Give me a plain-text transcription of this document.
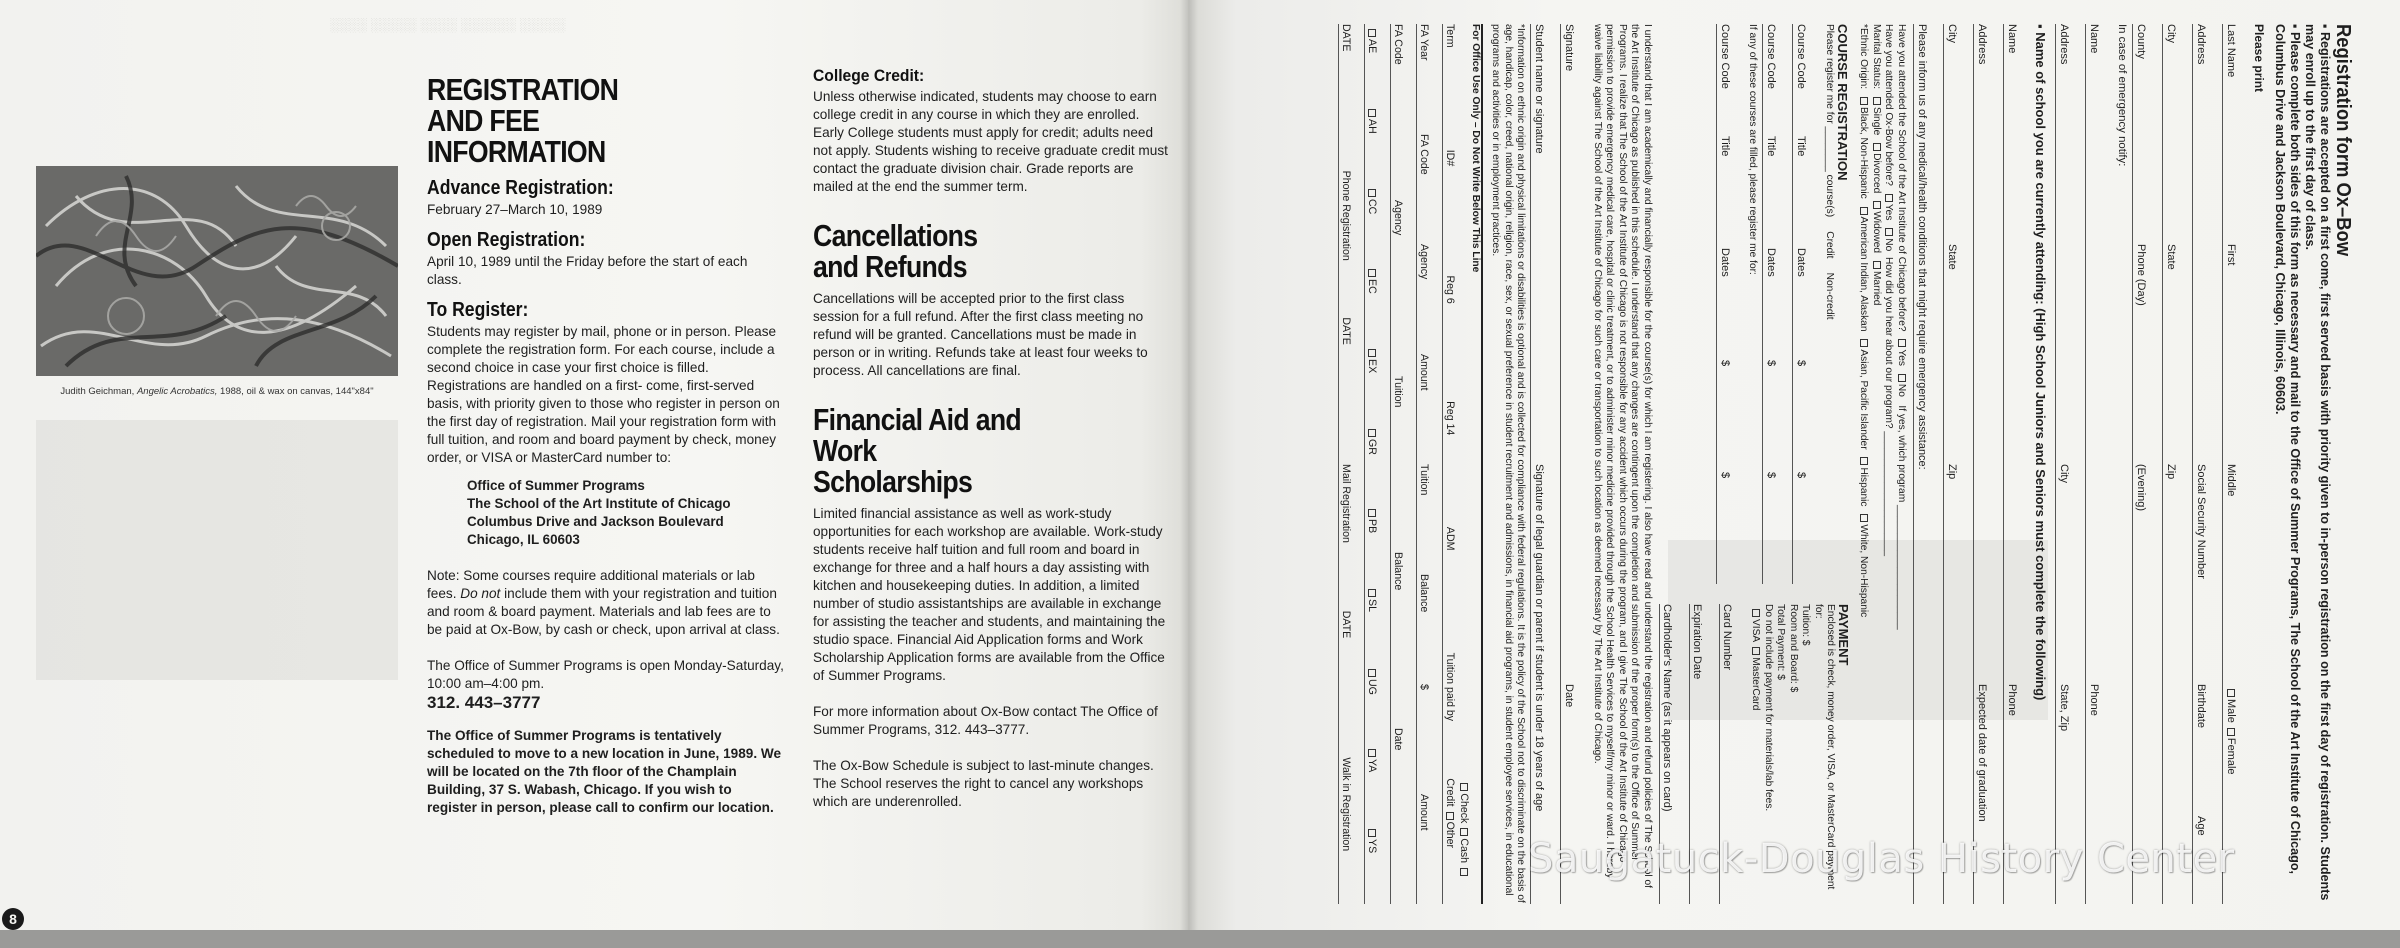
░░░░ ░░░░░ ░░░░ ░░░░░░ ░░░░░
Judith Geichman, Angelic Acrobatics, 1988, oil & wax on canvas, 144"x84"
REGISTRATION AND FEE INFORMATION
Advance Registration:
February 27–March 10, 1989
Open Registration:
April 10, 1989 until the Friday before the start of each class.
To Register:
Students may register by mail, phone or in person. Please complete the registration form. For each course, include a second choice in case your first choice is filled. Registrations are handled on a first- come, first-served basis, with priority given to those who register in person on the first day of registration. Mail your registration form with full tuition, and room and board payment by check, money order, or VISA or MasterCard number to:
Office of Summer Programs
The School of the Art Institute of Chicago
Columbus Drive and Jackson Boulevard
Chicago, IL 60603
Note: Some courses require additional materials or lab fees. Do not include them with your registration and tuition and room & board payment. Materials and lab fees are to be paid at Ox-Bow, by cash or check, upon arrival at class.
The Office of Summer Programs is open Monday-Saturday, 10:00 am–4:00 pm.
312. 443–3777
The Office of Summer Programs is tentatively scheduled to move to a new location in June, 1989. We will be located on the 7th floor of the Champlain Building, 37 S. Wabash, Chicago. If you wish to register in person, please call to confirm our location.
College Credit:
Unless otherwise indicated, students may choose to earn college credit in any course in which they are enrolled. Early College students must apply for credit; adults need not apply. Students wishing to receive graduate credit must contact the graduate division chair. Grade reports are mailed at the end the summer term.
Cancellations and Refunds
Cancellations will be accepted prior to the first class session for a full refund. After the first class meeting no refund will be granted. Cancellations must be made in person or in writing. Refunds take at least four weeks to process. All cancellations are final.
Financial Aid and Work Scholarships
Limited financial assistance as well as work-study opportunities for each workshop are available. Work-study students receive half tuition and full room and board in exchange for three and a half hours a day assisting with kitchen and housekeeping duties. In addition, a limited number of studio assistantships are available in exchange for assisting the teacher and students, and maintaining the studio space. Financial Aid Application forms and Work Scholarship Application forms are available from the Office of Summer Programs.
For more information about Ox-Bow contact The Office of Summer Programs, 312. 443–3777.
The Ox-Bow Schedule is subject to last-minute changes. The School reserves the right to cancel any workshops which are underenrolled.
8
Registration form Ox–Bow
▪ Registrations are accepted on a first come, first served basis with priority given to in-person registration on the first day of registration. Students may enroll up to the first day of class.
▪ Please complete both sides of this form as necessary and mail to the Office of Summer Programs, The School of the Art Institute of Chicago, Columbus Drive and Jackson Boulevard, Chicago, Illinois, 60603.
Please print
Last Name
First
Middle
MaleFemale
Address
Social Security Number
Birthdate
Age
City
State
Zip
County
Phone (Day)
(Evening)
In case of emergency notify:
Name
Phone
Address
City
State, Zip
▪ Name of school you are currently attending: (High School Juniors and Seniors must complete the following)
Name
Phone
Address
Expected date of graduation
City
State
Zip
Please inform us of any medical/health conditions that might require emergency assistance:
Have you attended the School of the Art Institute of Chicago before? Yes No   If yes, which program ______________________
Have you attended Ox-Bow before? Yes No  How did you hear about our program? ______________________
Marital Status: Single Divorced Widowed Married
*Ethnic Origin: Black, Non-Hispanic American Indian, Alaskan Asian, Pacific Islander Hispanic White, Non-Hispanic
COURSE REGISTRATION
Please register me for ________ course(s)     Credit     Non-credit
Course Code
Title
Dates
$
$
Course Code
Title
Dates
$
$
If any of these courses are filled, please register me for:
Course Code
Title
Dates
$
$
PAYMENT
Enclosed is check, money order, VISA, or MasterCard payment for:
Tuition: $
Room and Board: $
Total Payment: $
Do not include payment for materials/lab fees.
VISAMasterCard
Card Number
Expiration Date
Cardholder's Name (as it appears on card)
I understand that I am academically and financially responsible for the course(s) for which I am registering. I also have read and understand the registration and refund policies of The School of the Art Institute of Chicago as published in this schedule. I understand that any changes are contingent upon the completion and submission of the proper form(s) to the Office of Summer Programs. I realize that The School of the Art Institute of Chicago is not responsible for any accident which occurs during the program, and I give The School of the Art Institute of Chicago permission to provide emergency medical care, hospital or clinic treatment, or to administer minor medicine provided through the School Health Services to myself/my minor or ward. I hereby waive liability against The School of the Art Institute of Chicago for such care or transportation to such location as deemed necessary by The Art Institute of Chicago.
Signature
Date
Student name or signature
Signature of legal guardian or parent if student is under 18 years of age
*Information on ethnic origin and physical limitations or disabilities is optional and is collected for compliance with federal regulations. It is the policy of the School not to discriminate on the basis of age, handicap, color, creed, national origin, religion, race, sex, or sexual preference in student recruitment and admissions, in financial aid programs, in student employee services, in educational programs and activities or in employment practices.
For Office Use Only – Do Not Write Below This Line
Term
ID#
Reg 6
Reg 14
ADM
Tuition paid by
CheckCashCreditOther
FA Year
FA Code
Agency
Amount
Tuition
Balance
$
Amount
FA Code
Agency
Tuition
Balance
Date
AE
AH
CC
EC
EX
GR
PB
SL
UG
YA
YS
DATE
Phone Registration
DATE
Mail Registration
DATE
Walk in Registration
Saugatuck-Douglas History Center
